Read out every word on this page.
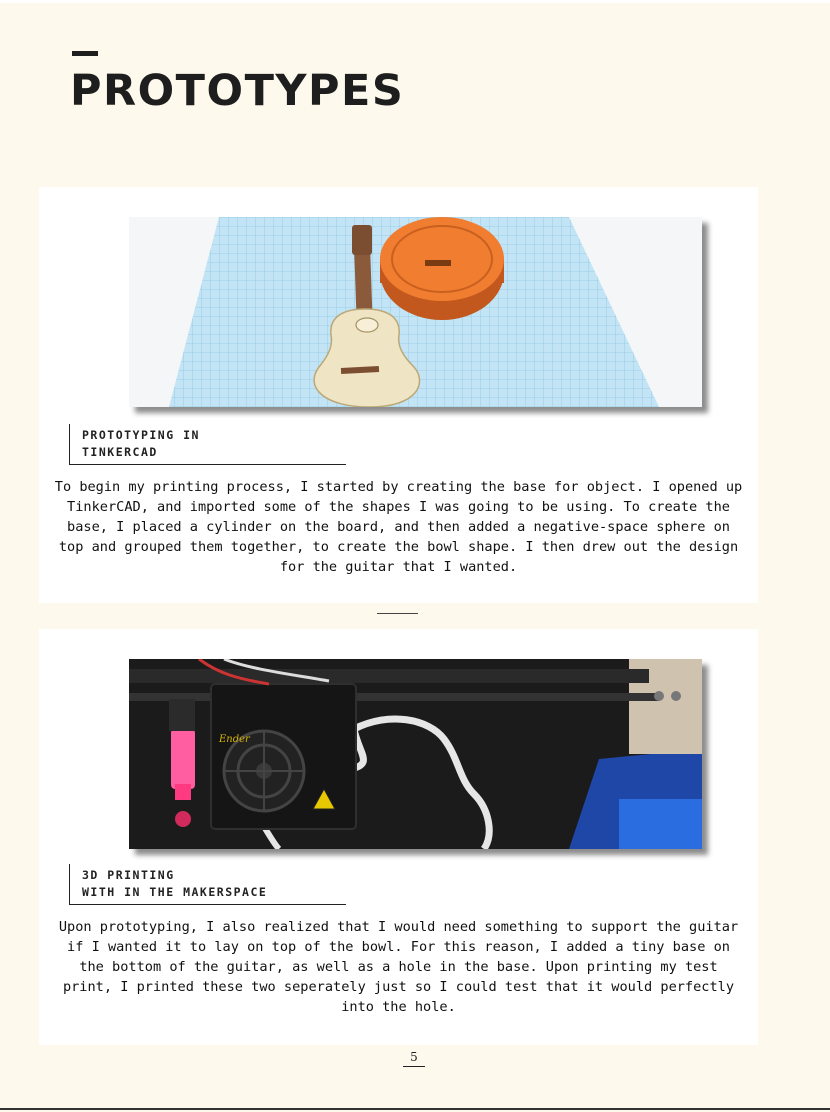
PROTOTYPES
PROTOTYPING IN
TINKERCAD

To begin my printing process, I started by creating the base for object. I opened up TinkerCAD, and imported some of the shapes I was going to be using. To create the base, I placed a cylinder on the board, and then added a negative-space sphere on top and grouped them together, to create the bowl shape. I then drew out the design for the guitar that I wanted.

Ender
3D PRINTING
WITH IN THE MAKERSPACE

Upon prototyping, I also realized that I would need something to support the guitar if I wanted it to lay on top of the bowl. For this reason, I added a tiny base on the bottom of the guitar, as well as a hole in the base. Upon printing my test print, I printed these two seperately just so I could test that it would perfectly into the hole.

5
